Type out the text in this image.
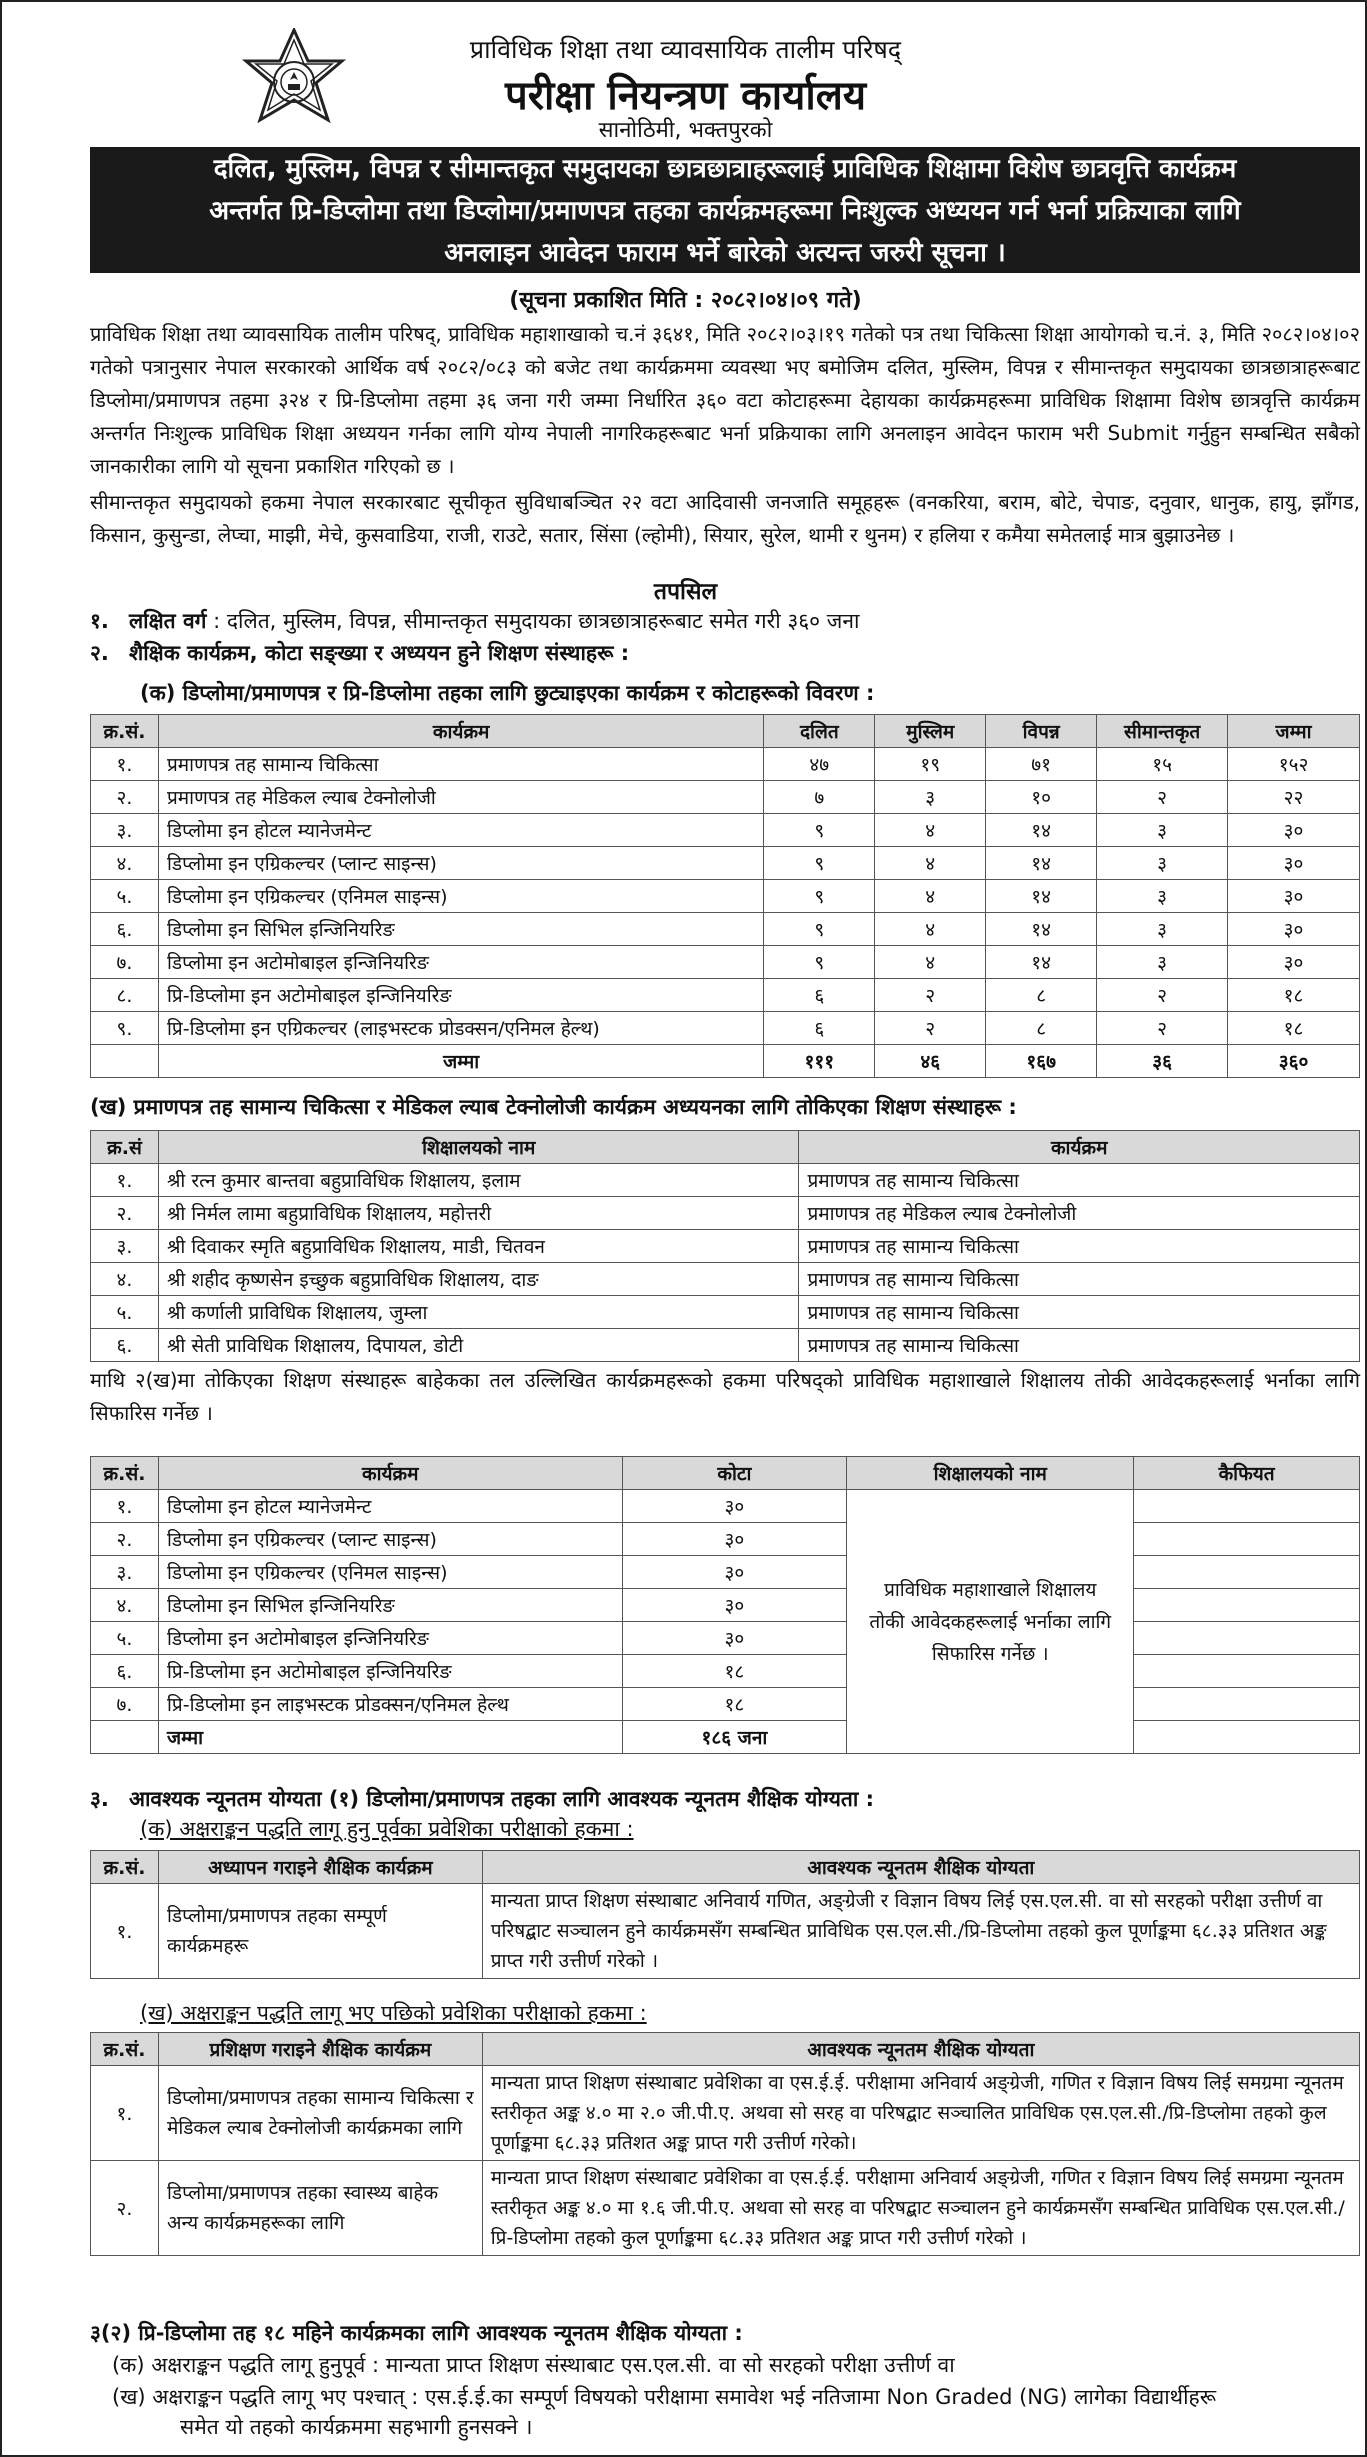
प्राविधिक शिक्षा तथा व्यावसायिक तालीम परिषद्
परीक्षा नियन्त्रण कार्यालय
सानोठिमी, भक्तपुरको
दलित, मुस्लिम, विपन्न र सीमान्तकृत समुदायका छात्रछात्राहरूलाई प्राविधिक शिक्षामा विशेष छात्रवृत्ति कार्यक्रम
अन्तर्गत प्रि-डिप्लोमा तथा डिप्लोमा/प्रमाणपत्र तहका कार्यक्रमहरूमा निःशुल्क अध्ययन गर्न भर्ना प्रक्रियाका लागि
अनलाइन आवेदन फाराम भर्ने बारेको अत्यन्त जरुरी सूचना ।
(सूचना प्रकाशित मिति : २०८२।०४।०९ गते)
प्राविधिक शिक्षा तथा व्यावसायिक तालीम परिषद्, प्राविधिक महाशाखाको च.नं ३६४१, मिति २०८२।०३।१९ गतेको पत्र तथा चिकित्सा शिक्षा आयोगको च.नं. ३, मिति २०८२।०४।०२ गतेको पत्रानुसार नेपाल सरकारको आर्थिक वर्ष २०८२/०८३ को बजेट तथा कार्यक्रममा व्यवस्था भए बमोजिम दलित, मुस्लिम, विपन्न र सीमान्तकृत समुदायका छात्रछात्राहरूबाट डिप्लोमा/प्रमाणपत्र तहमा ३२४ र प्रि-डिप्लोमा तहमा ३६ जना गरी जम्मा निर्धारित ३६० वटा कोटाहरूमा देहायका कार्यक्रमहरूमा प्राविधिक शिक्षामा विशेष छात्रवृत्ति कार्यक्रम अन्तर्गत निःशुल्क प्राविधिक शिक्षा अध्ययन गर्नका लागि योग्य नेपाली नागरिकहरूबाट भर्ना प्रक्रियाका लागि अनलाइन आवेदन फाराम भरी Submit गर्नुहुन सम्बन्धित सबैको जानकारीका लागि यो सूचना प्रकाशित गरिएको छ ।
सीमान्तकृत समुदायको हकमा नेपाल सरकारबाट सूचीकृत सुविधाबञ्चित २२ वटा आदिवासी जनजाति समूहहरू (वनकरिया, बराम, बोटे, चेपाङ, दनुवार, धानुक, हायु, झाँगड, किसान, कुसुन्डा, लेप्चा, माझी, मेचे, कुसवाडिया, राजी, राउटे, सतार, सिंसा (ल्होमी), सियार, सुरेल, थामी र थुनम) र हलिया र कमैया समेतलाई मात्र बुझाउनेछ ।
तपसिल
१. लक्षित वर्ग : दलित, मुस्लिम, विपन्न, सीमान्तकृत समुदायका छात्रछात्राहरूबाट समेत गरी ३६० जना
२. शैक्षिक कार्यक्रम, कोटा सङ्ख्या र अध्ययन हुने शिक्षण संस्थाहरू :
(क) डिप्लोमा/प्रमाणपत्र र प्रि-डिप्लोमा तहका लागि छुट्याइएका कार्यक्रम र कोटाहरूको विवरण :
क्र.सं.	कार्यक्रम	दलित	मुस्लिम	विपन्न	सीमान्तकृत	जम्मा
१.	प्रमाणपत्र तह सामान्य चिकित्सा	४७	१९	७१	१५	१५२
२.	प्रमाणपत्र तह मेडिकल ल्याब टेक्नोलोजी	७	३	१०	२	२२
३.	डिप्लोमा इन होटल म्यानेजमेन्ट	९	४	१४	३	३०
४.	डिप्लोमा इन एग्रिकल्चर (प्लान्ट साइन्स)	९	४	१४	३	३०
५.	डिप्लोमा इन एग्रिकल्चर (एनिमल साइन्स)	९	४	१४	३	३०
६.	डिप्लोमा इन सिभिल इन्जिनियरिङ	९	४	१४	३	३०
७.	डिप्लोमा इन अटोमोबाइल इन्जिनियरिङ	९	४	१४	३	३०
८.	प्रि-डिप्लोमा इन अटोमोबाइल इन्जिनियरिङ	६	२	८	२	१८
९.	प्रि-डिप्लोमा इन एग्रिकल्चर (लाइभस्टक प्रोडक्सन/एनिमल हेल्थ)	६	२	८	२	१८
	जम्मा	१११	४६	१६७	३६	३६०
(ख) प्रमाणपत्र तह सामान्य चिकित्सा र मेडिकल ल्याब टेक्नोलोजी कार्यक्रम अध्ययनका लागि तोकिएका शिक्षण संस्थाहरू :
क्र.सं	शिक्षालयको नाम	कार्यक्रम
१.	श्री रत्न कुमार बान्तवा बहुप्राविधिक शिक्षालय, इलाम	प्रमाणपत्र तह सामान्य चिकित्सा
२.	श्री निर्मल लामा बहुप्राविधिक शिक्षालय, महोत्तरी	प्रमाणपत्र तह मेडिकल ल्याब टेक्नोलोजी
३.	श्री दिवाकर स्मृति बहुप्राविधिक शिक्षालय, माडी, चितवन	प्रमाणपत्र तह सामान्य चिकित्सा
४.	श्री शहीद कृष्णसेन इच्छुक बहुप्राविधिक शिक्षालय, दाङ	प्रमाणपत्र तह सामान्य चिकित्सा
५.	श्री कर्णाली प्राविधिक शिक्षालय, जुम्ला	प्रमाणपत्र तह सामान्य चिकित्सा
६.	श्री सेती प्राविधिक शिक्षालय, दिपायल, डोटी	प्रमाणपत्र तह सामान्य चिकित्सा
माथि २(ख)मा तोकिएका शिक्षण संस्थाहरू बाहेकका तल उल्लिखित कार्यक्रमहरूको हकमा परिषद्को प्राविधिक महाशाखाले शिक्षालय तोकी आवेदकहरूलाई भर्नाका लागि सिफारिस गर्नेछ ।
क्र.सं.	कार्यक्रम	कोटा	शिक्षालयको नाम	कैफियत
१.	डिप्लोमा इन होटल म्यानेजमेन्ट	३०	प्राविधिक महाशाखाले शिक्षालय तोकी आवेदकहरूलाई भर्नाका लागि सिफारिस गर्नेछ ।	
२.	डिप्लोमा इन एग्रिकल्चर (प्लान्ट साइन्स)	३०		
३.	डिप्लोमा इन एग्रिकल्चर (एनिमल साइन्स)	३०		
४.	डिप्लोमा इन सिभिल इन्जिनियरिङ	३०		
५.	डिप्लोमा इन अटोमोबाइल इन्जिनियरिङ	३०		
६.	प्रि-डिप्लोमा इन अटोमोबाइल इन्जिनियरिङ	१८		
७.	प्रि-डिप्लोमा इन लाइभस्टक प्रोडक्सन/एनिमल हेल्थ	१८		
	जम्मा	१८६ जना		
३. आवश्यक न्यूनतम योग्यता (१) डिप्लोमा/प्रमाणपत्र तहका लागि आवश्यक न्यूनतम शैक्षिक योग्यता :
(क) अक्षराङ्कन पद्धति लागू हुनु पूर्वका प्रवेशिका परीक्षाको हकमा :
क्र.सं.	अध्यापन गराइने शैक्षिक कार्यक्रम	आवश्यक न्यूनतम शैक्षिक योग्यता
१.	डिप्लोमा/प्रमाणपत्र तहका सम्पूर्ण कार्यक्रमहरू	मान्यता प्राप्त शिक्षण संस्थाबाट अनिवार्य गणित, अङ्ग्रेजी र विज्ञान विषय लिई एस.एल.सी. वा सो सरहको परीक्षा उत्तीर्ण वा परिषद्बाट सञ्चालन हुने कार्यक्रमसँग सम्बन्धित प्राविधिक एस.एल.सी./प्रि-डिप्लोमा तहको कुल पूर्णाङ्कमा ६८.३३ प्रतिशत अङ्क प्राप्त गरी उत्तीर्ण गरेको ।
(ख) अक्षराङ्कन पद्धति लागू भए पछिको प्रवेशिका परीक्षाको हकमा :
क्र.सं.	प्रशिक्षण गराइने शैक्षिक कार्यक्रम	आवश्यक न्यूनतम शैक्षिक योग्यता
१.	डिप्लोमा/प्रमाणपत्र तहका सामान्य चिकित्सा र मेडिकल ल्याब टेक्नोलोजी कार्यक्रमका लागि	मान्यता प्राप्त शिक्षण संस्थाबाट प्रवेशिका वा एस.ई.ई. परीक्षामा अनिवार्य अङ्ग्रेजी, गणित र विज्ञान विषय लिई समग्रमा न्यूनतम स्तरीकृत अङ्क ४.० मा २.० जी.पी.ए. अथवा सो सरह वा परिषद्बाट सञ्चालित प्राविधिक एस.एल.सी./प्रि-डिप्लोमा तहको कुल पूर्णाङ्कमा ६८.३३ प्रतिशत अङ्क प्राप्त गरी उत्तीर्ण गरेको।
२.	डिप्लोमा/प्रमाणपत्र तहका स्वास्थ्य बाहेक अन्य कार्यक्रमहरूका लागि	मान्यता प्राप्त शिक्षण संस्थाबाट प्रवेशिका वा एस.ई.ई. परीक्षामा अनिवार्य अङ्ग्रेजी, गणित र विज्ञान विषय लिई समग्रमा न्यूनतम स्तरीकृत अङ्क ४.० मा १.६ जी.पी.ए. अथवा सो सरह वा परिषद्बाट सञ्चालन हुने कार्यक्रमसँग सम्बन्धित प्राविधिक एस.एल.सी./प्रि-डिप्लोमा तहको कुल पूर्णाङ्कमा ६८.३३ प्रतिशत अङ्क प्राप्त गरी उत्तीर्ण गरेको ।
३(२) प्रि-डिप्लोमा तह १८ महिने कार्यक्रमका लागि आवश्यक न्यूनतम शैक्षिक योग्यता :
(क) अक्षराङ्कन पद्धति लागू हुनुपूर्व : मान्यता प्राप्त शिक्षण संस्थाबाट एस.एल.सी. वा सो सरहको परीक्षा उत्तीर्ण वा
(ख) अक्षराङ्कन पद्धति लागू भए पश्चात् : एस.ई.ई.का सम्पूर्ण विषयको परीक्षामा समावेश भई नतिजामा Non Graded (NG) लागेका विद्यार्थीहरू
समेत यो तहको कार्यक्रममा सहभागी हुनसक्ने ।
